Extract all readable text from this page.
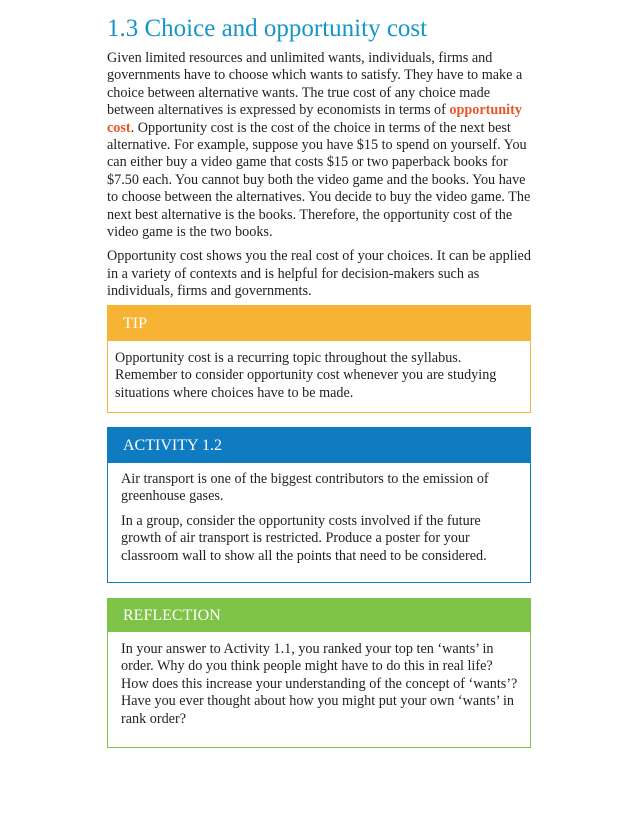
1.3 Choice and opportunity cost

Given limited resources and unlimited wants, individuals, firms and governments have to choose which wants to satisfy. They have to make a choice between alternative wants. The true cost of any choice made between alternatives is expressed by economists in terms of opportunity cost. Opportunity cost is the cost of the choice in terms of the next best alternative. For example, suppose you have $15 to spend on yourself. You can either buy a video game that costs $15 or two paperback books for $7.50 each. You cannot buy both the video game and the books. You have to choose between the alternatives. You decide to buy the video game. The next best alternative is the books. Therefore, the opportunity cost of the video game is the two books.

Opportunity cost shows you the real cost of your choices. It can be applied in a variety of contexts and is helpful for decision-makers such as individuals, firms and governments.

TIP

Opportunity cost is a recurring topic throughout the syllabus. Remember to consider opportunity cost whenever you are studying situations where choices have to be made.

ACTIVITY 1.2

Air transport is one of the biggest contributors to the emission of greenhouse gases.

In a group, consider the opportunity costs involved if the future growth of air transport is restricted. Produce a poster for your classroom wall to show all the points that need to be considered.

REFLECTION

In your answer to Activity 1.1, you ranked your top ten ‘wants’ in order. Why do you think people might have to do this in real life? How does this increase your understanding of the concept of ‘wants’? Have you ever thought about how you might put your own ‘wants’ in rank order?
